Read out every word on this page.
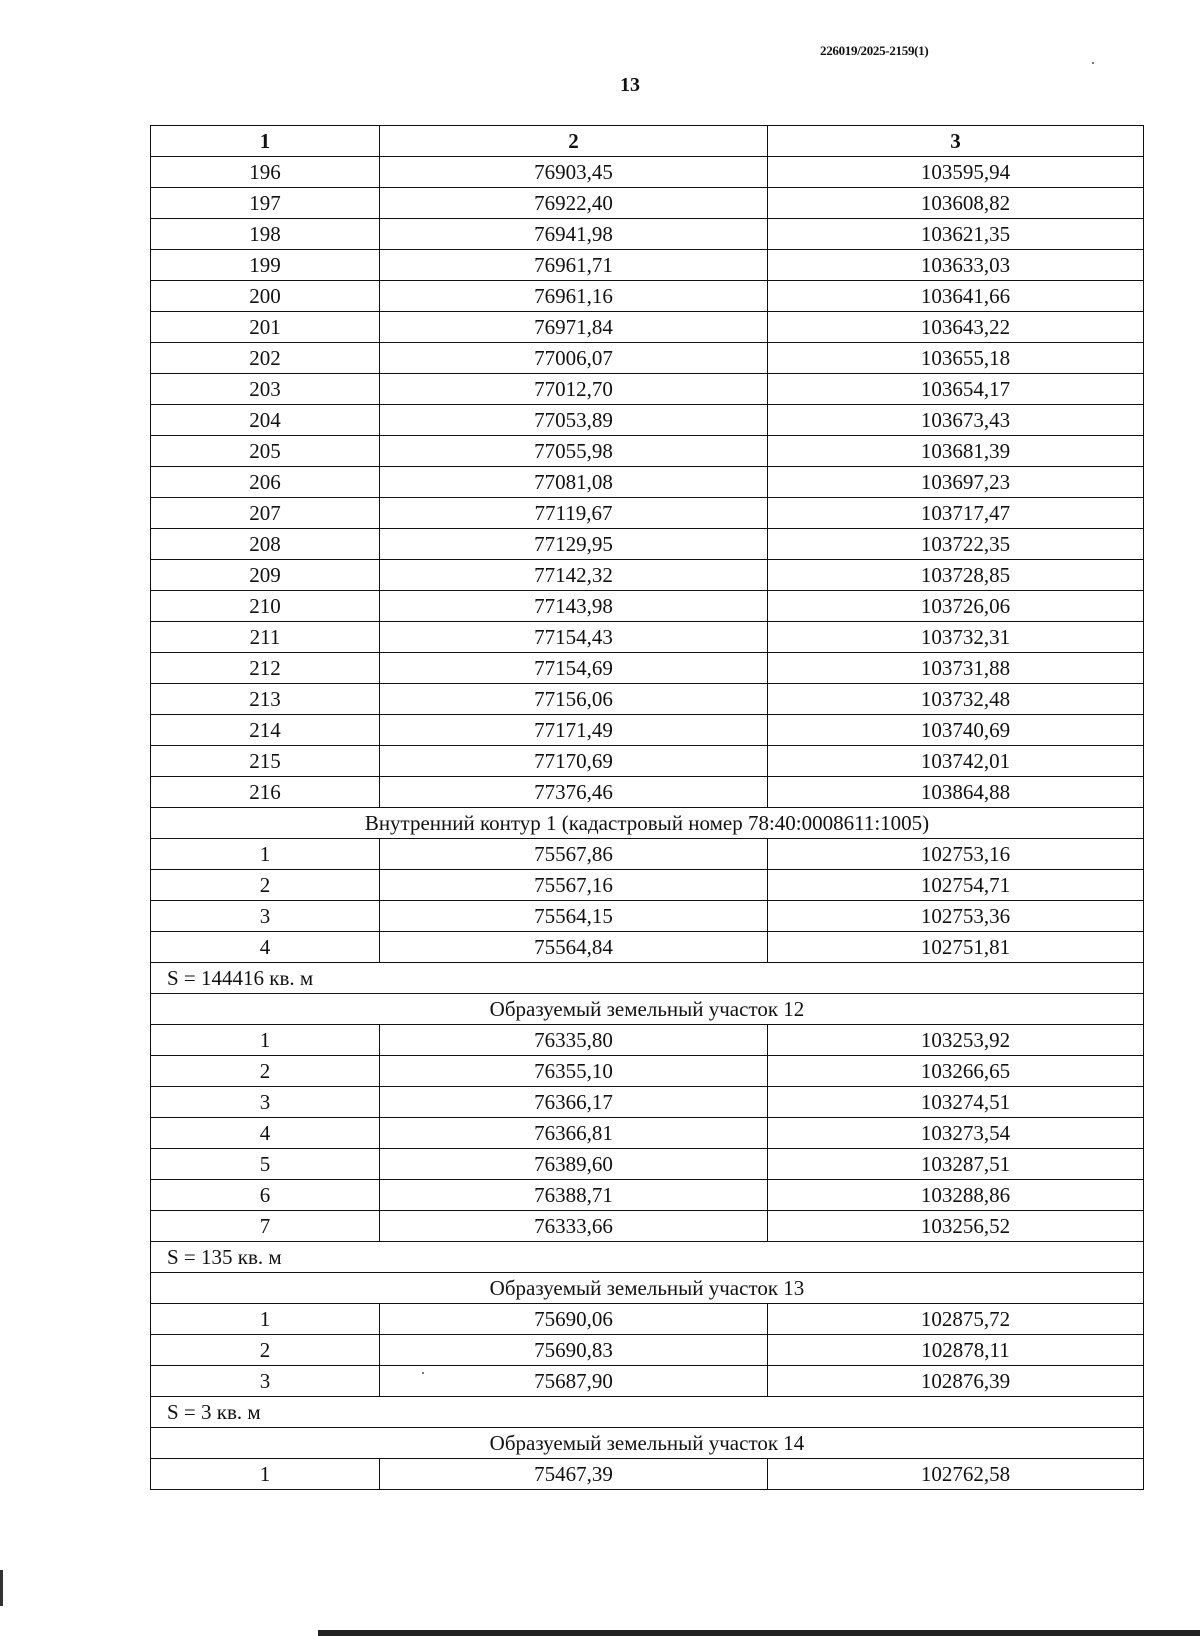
226019/2025-2159(1)
13
1	2	3
196	76903,45	103595,94
197	76922,40	103608,82
198	76941,98	103621,35
199	76961,71	103633,03
200	76961,16	103641,66
201	76971,84	103643,22
202	77006,07	103655,18
203	77012,70	103654,17
204	77053,89	103673,43
205	77055,98	103681,39
206	77081,08	103697,23
207	77119,67	103717,47
208	77129,95	103722,35
209	77142,32	103728,85
210	77143,98	103726,06
211	77154,43	103732,31
212	77154,69	103731,88
213	77156,06	103732,48
214	77171,49	103740,69
215	77170,69	103742,01
216	77376,46	103864,88
Внутренний контур 1 (кадастровый номер 78:40:0008611:1005)		
1	75567,86	102753,16
2	75567,16	102754,71
3	75564,15	102753,36
4	75564,84	102751,81
S = 144416 кв. м		
Образуемый земельный участок 12		
1	76335,80	103253,92
2	76355,10	103266,65
3	76366,17	103274,51
4	76366,81	103273,54
5	76389,60	103287,51
6	76388,71	103288,86
7	76333,66	103256,52
S = 135 кв. м		
Образуемый земельный участок 13		
1	75690,06	102875,72
2	75690,83	102878,11
3	75687,90	102876,39
S = 3 кв. м		
Образуемый земельный участок 14		
1	75467,39	102762,58
